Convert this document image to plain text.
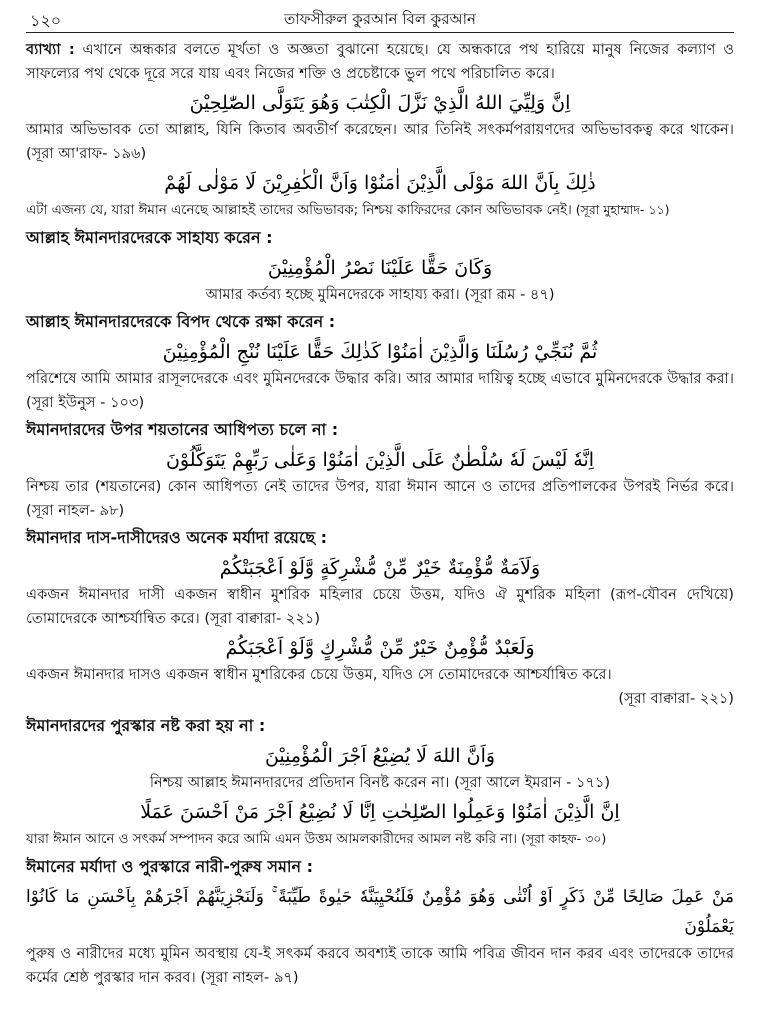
১২০	তাফসীরুল কুরআন বিল কুরআন

ব্যাখ্যা : এখানে অন্ধকার বলতে মূর্খতা ও অজ্ঞতা বুঝানো হয়েছে। যে অন্ধকারে পথ হারিয়ে মানুষ নিজের কল্যাণ ও সাফল্যের পথ থেকে দূরে সরে যায় এবং নিজের শক্তি ও প্রচেষ্টাকে ভুল পথে পরিচালিত করে।

اِنَّ وَلِيِّيَ اللهُ الَّذِيْ نَزَّلَ الْكِتٰبَ وَهُوَ يَتَوَلَّى الصّٰلِحِيْنَ

আমার অভিভাবক তো আল্লাহ, যিনি কিতাব অবতীর্ণ করেছেন। আর তিনিই সৎকর্মপরায়ণদের অভিভাবকত্ব করে থাকেন। (সূরা আ'রাফ- ১৯৬)

ذٰلِكَ بِاَنَّ اللهَ مَوْلَى الَّذِيْنَ اٰمَنُوْا وَاَنَّ الْكٰفِرِيْنَ لَا مَوْلٰى لَهُمْ

এটা এজন্য যে, যারা ঈমান এনেছে আল্লাহই তাদের অভিভাবক; নিশ্চয় কাফিরদের কোন অভিভাবক নেই। (সূরা মুহাম্মাদ- ১১)

আল্লাহ ঈমানদারদেরকে সাহায্য করেন :
وَكَانَ حَقًّا عَلَيْنَا نَصْرُ الْمُؤْمِنِيْنَ

আমার কর্তব্য হচ্ছে মুমিনদেরকে সাহায্য করা। (সূরা রূম - ৪৭)

আল্লাহ ঈমানদারদেরকে বিপদ থেকে রক্ষা করেন :
ثُمَّ نُنَجِّيْ رُسُلَنَا وَالَّذِيْنَ اٰمَنُوْا كَذٰلِكَ حَقًّا عَلَيْنَا نُنْجِ الْمُؤْمِنِيْنَ

পরিশেষে আমি আমার রাসূলদেরকে এবং মুমিনদেরকে উদ্ধার করি। আর আমার দায়িত্ব হচ্ছে এভাবে মুমিনদেরকে উদ্ধার করা। (সূরা ইউনুস - ১০৩)

ঈমানদারদের উপর শয়তানের আধিপত্য চলে না :
اِنَّهٗ لَيْسَ لَهٗ سُلْطٰنٌ عَلَى الَّذِيْنَ اٰمَنُوْا وَعَلٰى رَبِّهِمْ يَتَوَكَّلُوْنَ

নিশ্চয় তার (শয়তানের) কোন আধিপত্য নেই তাদের উপর, যারা ঈমান আনে ও তাদের প্রতিপালকের উপরই নির্ভর করে। (সূরা নাহল- ৯৮)

ঈমানদার দাস-দাসীদেরও অনেক মর্যাদা রয়েছে :
وَلَاَمَةٌ مُّؤْمِنَةٌ خَيْرٌ مِّنْ مُّشْرِكَةٍ وَّلَوْ اَعْجَبَتْكُمْ

একজন ঈমানদার দাসী একজন স্বাধীন মুশরিক মহিলার চেয়ে উত্তম, যদিও ঐ মুশরিক মহিলা (রূপ-যৌবন দেখিয়ে) তোমাদেরকে আশ্চর্যান্বিত করে। (সূরা বাক্বারা- ২২১)

وَلَعَبْدٌ مُّؤْمِنٌ خَيْرٌ مِّنْ مُّشْرِكٍ وَّلَوْ اَعْجَبَكُمْ

একজন ঈমানদার দাসও একজন স্বাধীন মুশরিকের চেয়ে উত্তম, যদিও সে তোমাদেরকে আশ্চর্যান্বিত করে।

(সূরা বাক্বারা- ২২১)

ঈমানদারদের পুরস্কার নষ্ট করা হয় না :
وَاَنَّ اللهَ لَا يُضِيْعُ اَجْرَ الْمُؤْمِنِيْنَ

নিশ্চয় আল্লাহ ঈমানদারদের প্রতিদান বিনষ্ট করেন না। (সূরা আলে ইমরান - ১৭১)

اِنَّ الَّذِيْنَ اٰمَنُوْا وَعَمِلُوا الصّٰلِحٰتِ اِنَّا لَا نُضِيْعُ اَجْرَ مَنْ اَحْسَنَ عَمَلًا

যারা ঈমান আনে ও সৎকর্ম সম্পাদন করে আমি এমন উত্তম আমলকারীদের আমল নষ্ট করি না। (সূরা কাহফ- ৩০)

ঈমানের মর্যাদা ও পুরস্কারে নারী-পুরুষ সমান :
مَنْ عَمِلَ صَالِحًا مِّنْ ذَكَرٍ اَوْ اُنْثٰى وَهُوَ مُؤْمِنٌ فَلَنُحْيِيَنَّهٗ حَيٰوةً طَيِّبَةً ۚ وَلَنَجْزِيَنَّهُمْ اَجْرَهُمْ بِاَحْسَنِ مَا كَانُوْا يَعْمَلُوْنَ

পুরুষ ও নারীদের মধ্যে মুমিন অবস্থায় যে-ই সৎকর্ম করবে অবশ্যই তাকে আমি পবিত্র জীবন দান করব এবং তাদেরকে তাদের কর্মের শ্রেষ্ঠ পুরস্কার দান করব। (সূরা নাহল- ৯৭)
